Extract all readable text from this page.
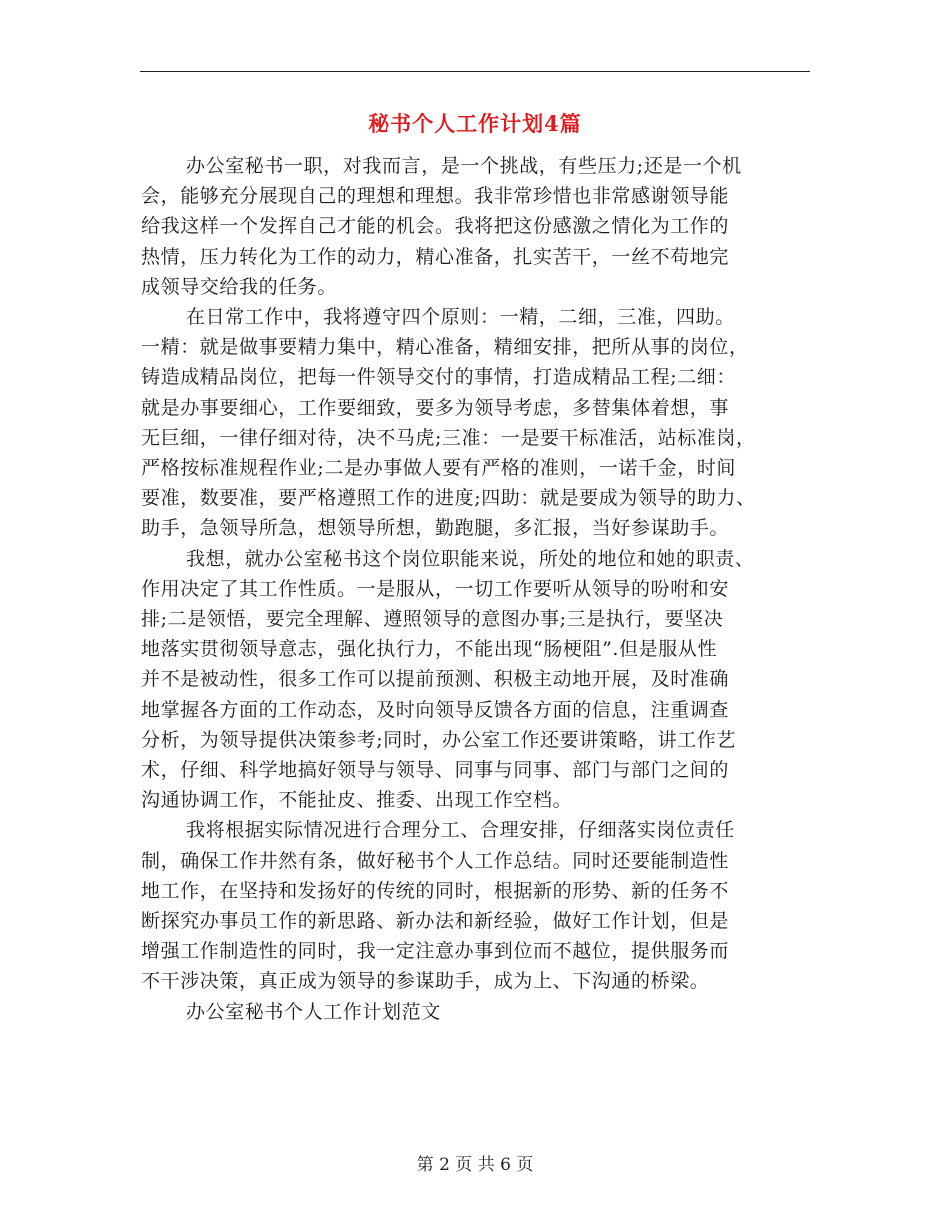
秘书个人工作计划4篇
办公室秘书一职，对我而言，是一个挑战，有些压力;还是一个机
会，能够充分展现自己的理想和理想。我非常珍惜也非常感谢领导能
给我这样一个发挥自己才能的机会。我将把这份感激之情化为工作的
热情，压力转化为工作的动力，精心准备，扎实苦干，一丝不苟地完
成领导交给我的任务。
在日常工作中，我将遵守四个原则：一精，二细，三准，四助。
一精：就是做事要精力集中，精心准备，精细安排，把所从事的岗位，
铸造成精品岗位，把每一件领导交付的事情，打造成精品工程;二细：
就是办事要细心，工作要细致，要多为领导考虑，多替集体着想，事
无巨细，一律仔细对待，决不马虎;三准：一是要干标准活，站标准岗，
严格按标准规程作业;二是办事做人要有严格的准则，一诺千金，时间
要准，数要准，要严格遵照工作的进度;四助：就是要成为领导的助力、
助手，急领导所急，想领导所想，勤跑腿，多汇报，当好参谋助手。
我想，就办公室秘书这个岗位职能来说，所处的地位和她的职责、
作用决定了其工作性质。一是服从，一切工作要听从领导的吩咐和安
排;二是领悟，要完全理解、遵照领导的意图办事;三是执行，要坚决
地落实贯彻领导意志，强化执行力，不能出现“肠梗阻”.但是服从性
并不是被动性，很多工作可以提前预测、积极主动地开展，及时准确
地掌握各方面的工作动态，及时向领导反馈各方面的信息，注重调查
分析，为领导提供决策参考;同时，办公室工作还要讲策略，讲工作艺
术，仔细、科学地搞好领导与领导、同事与同事、部门与部门之间的
沟通协调工作，不能扯皮、推委、出现工作空档。
我将根据实际情况进行合理分工、合理安排，仔细落实岗位责任
制，确保工作井然有条，做好秘书个人工作总结。同时还要能制造性
地工作，在坚持和发扬好的传统的同时，根据新的形势、新的任务不
断探究办事员工作的新思路、新办法和新经验，做好工作计划，但是
增强工作制造性的同时，我一定注意办事到位而不越位，提供服务而
不干涉决策，真正成为领导的参谋助手，成为上、下沟通的桥梁。
办公室秘书个人工作计划范文
第 2 页 共 6 页
